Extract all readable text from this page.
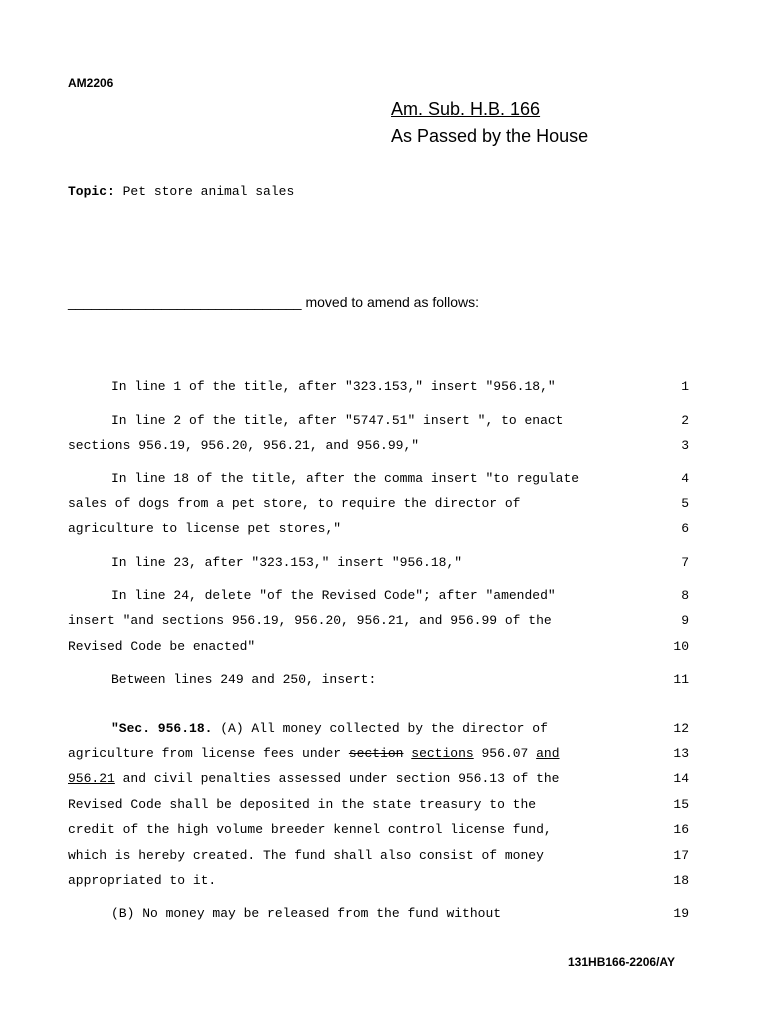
AM2206
Am. Sub. H.B. 166
As Passed by the House
Topic: Pet store animal sales
______________________________ moved to amend as follows:
In line 1 of the title, after "323.153," insert "956.18,"	1
In line 2 of the title, after "5747.51" insert ", to enact	2
sections 956.19, 956.20, 956.21, and 956.99,"	3
In line 18 of the title, after the comma insert "to regulate	4
sales of dogs from a pet store, to require the director of	5
agriculture to license pet stores,"	6
In line 23, after "323.153," insert "956.18,"	7
In line 24, delete "of the Revised Code"; after "amended"	8
insert "and sections 956.19, 956.20, 956.21, and 956.99 of the	9
Revised Code be enacted"	10
Between lines 249 and 250, insert:	11
"Sec. 956.18. (A) All money collected by the director of	12
agriculture from license fees under section sections 956.07 and	13
956.21 and civil penalties assessed under section 956.13 of the	14
Revised Code shall be deposited in the state treasury to the	15
credit of the high volume breeder kennel control license fund,	16
which is hereby created. The fund shall also consist of money	17
appropriated to it.	18
(B) No money may be released from the fund without	19
131HB166-2206/AY
